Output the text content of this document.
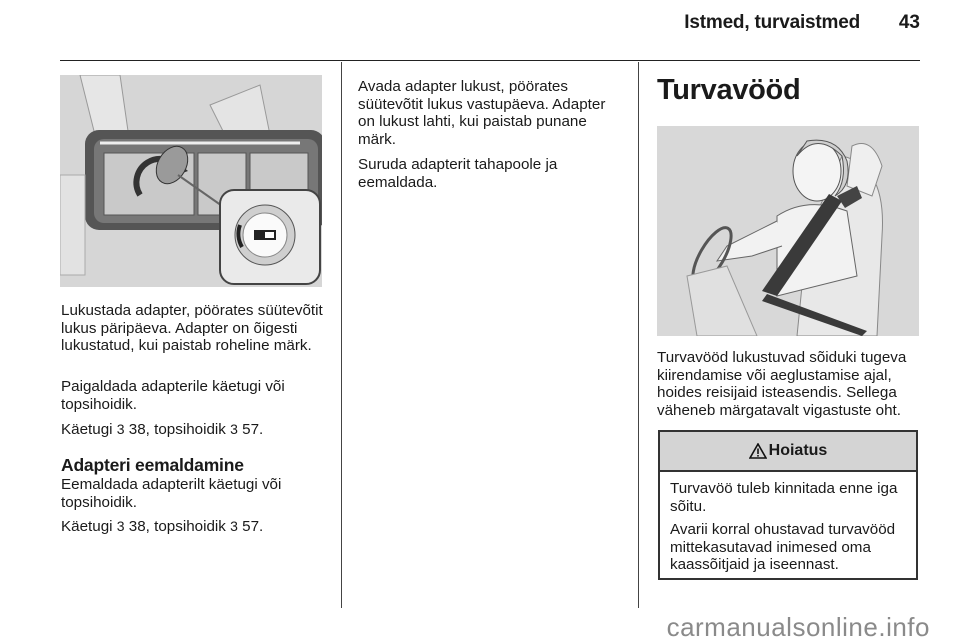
Istmed, turvaistmed	43

Lukustada adapter, pöörates süütevõtit lukus päripäeva. Adapter on õigesti lukustatud, kui paistab roheline märk.

Paigaldada adapterile käetugi või topsihoidik.

Käetugi 3 38, topsihoidik 3 57.

Adapteri eemaldamine

Eemaldada adapterilt käetugi või topsihoidik.

Käetugi 3 38, topsihoidik 3 57.

Avada adapter lukust, pöörates süütevõtit lukus vastupäeva. Adapter on lukust lahti, kui paistab punane märk.

Suruda adapterit tahapoole ja eemaldada.

Turvavööd

Turvavööd lukustuvad sõiduki tugeva kiirendamise või aeglustamise ajal, hoides reisijaid isteasendis. Sellega väheneb märgatavalt vigastuste oht.

Hoiatus

Turvavöö tuleb kinnitada enne iga sõitu.

Avarii korral ohustavad turvavööd mittekasutavad inimesed oma kaassõitjaid ja iseennast.

carmanualsonline.info
